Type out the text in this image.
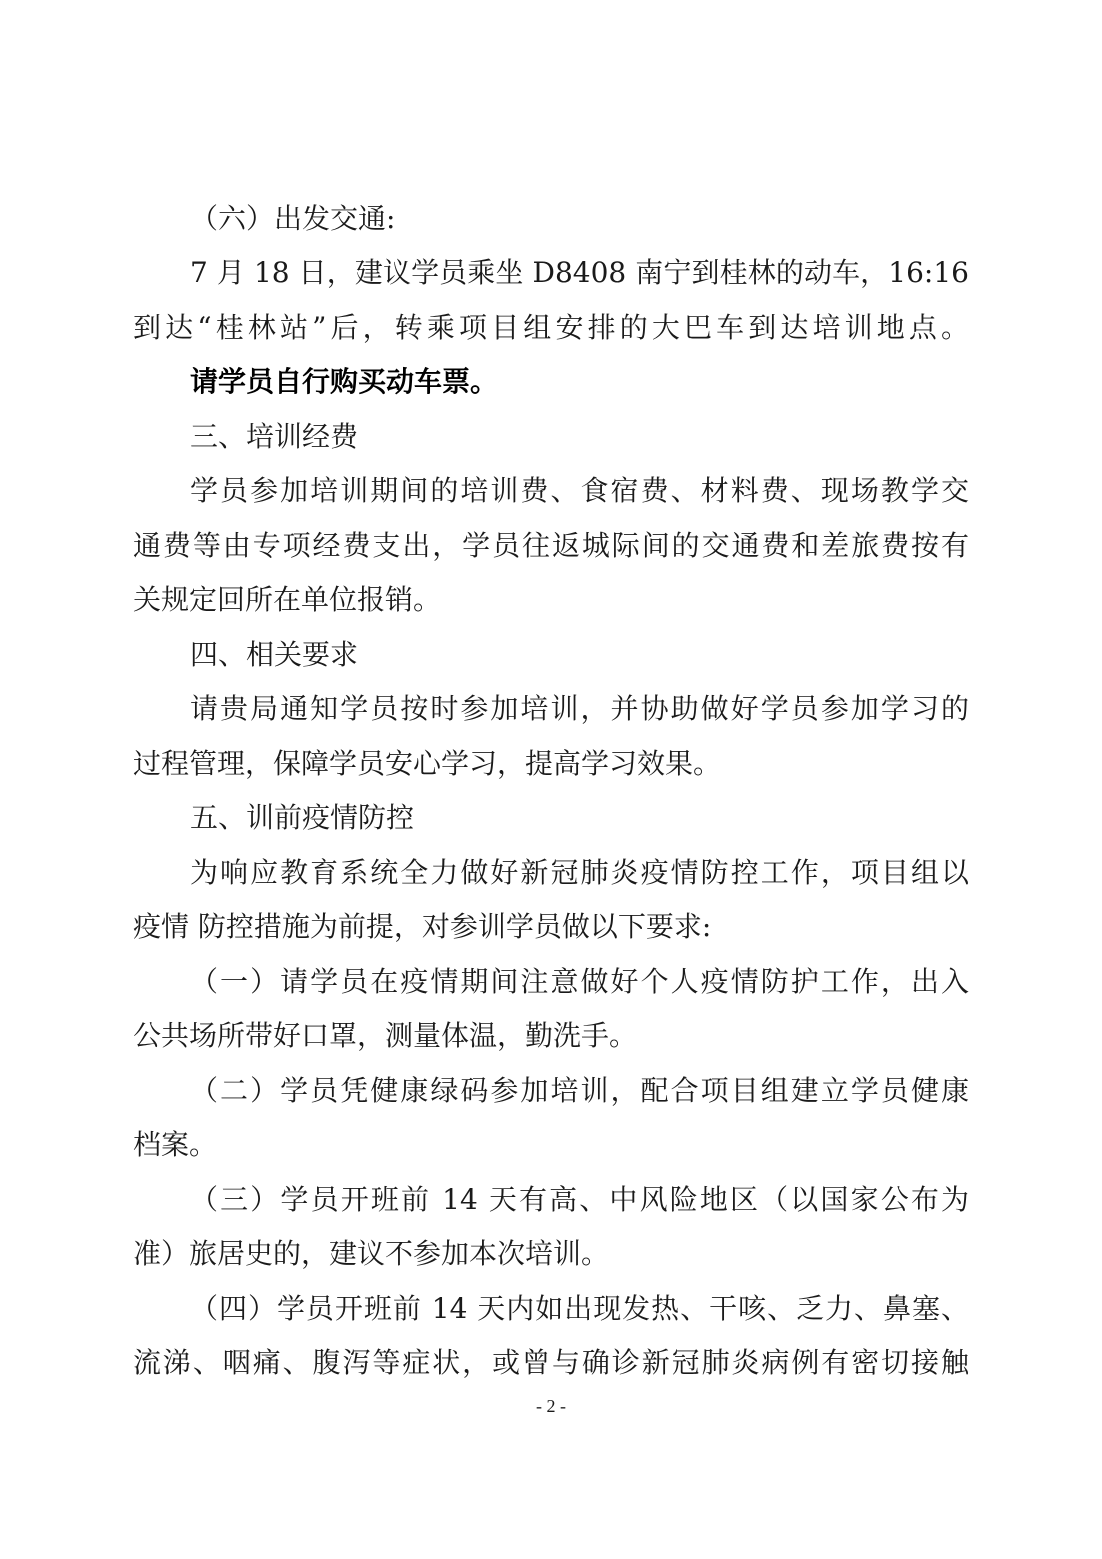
（六）出发交通:
7 月 18 日，建议学员乘坐 D8408 南宁到桂林的动车，16:16
到达“桂林站”后，转乘项目组安排的大巴车到达培训地点。
请学员自行购买动车票。
三、培训经费
学员参加培训期间的培训费、食宿费、材料费、现场教学交
通费等由专项经费支出，学员往返城际间的交通费和差旅费按有
关规定回所在单位报销。
四、相关要求
请贵局通知学员按时参加培训，并协助做好学员参加学习的
过程管理，保障学员安心学习，提高学习效果。
五、训前疫情防控
为响应教育系统全力做好新冠肺炎疫情防控工作，项目组以
疫情 防控措施为前提，对参训学员做以下要求:
（一）请学员在疫情期间注意做好个人疫情防护工作，出入
公共场所带好口罩，测量体温，勤洗手。
（二）学员凭健康绿码参加培训，配合项目组建立学员健康
档案。
（三）学员开班前 14 天有高、中风险地区（以国家公布为
准）旅居史的，建议不参加本次培训。
（四）学员开班前 14 天内如出现发热、干咳、乏力、鼻塞、
流涕、咽痛、腹泻等症状，或曾与确诊新冠肺炎病例有密切接触
- 2 -
